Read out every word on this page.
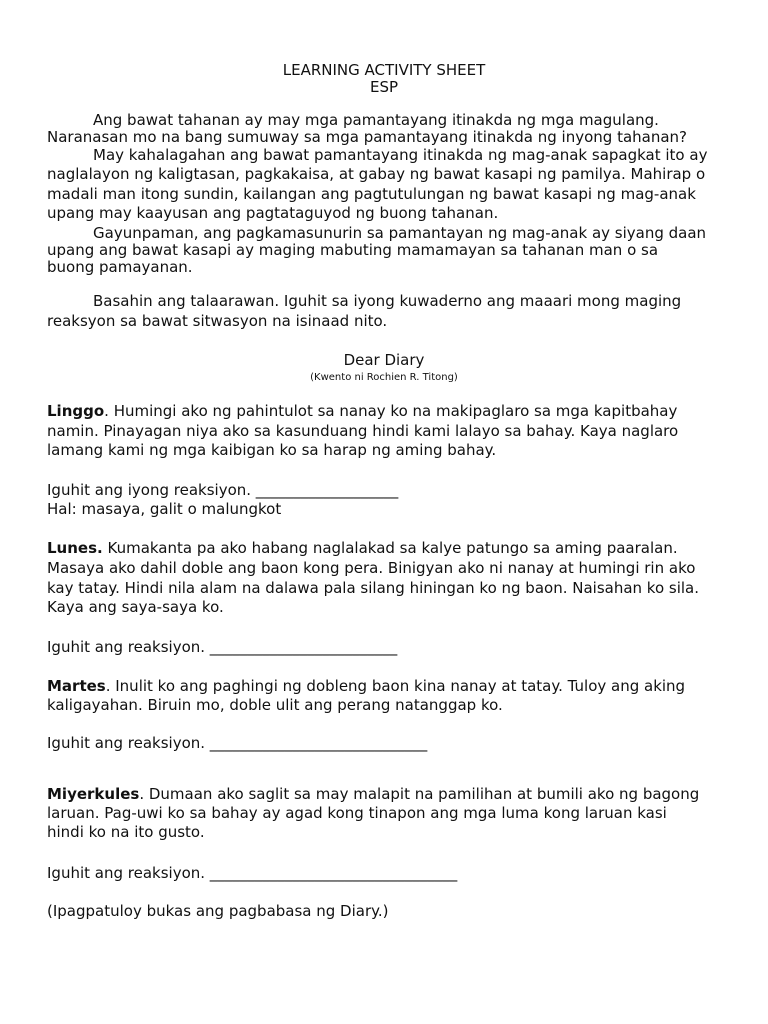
LEARNING ACTIVITY SHEET
ESP
Ang bawat tahanan ay may mga pamantayang itinakda ng mga magulang.
Naranasan mo na bang sumuway sa mga pamantayang itinakda ng inyong tahanan?
May kahalagahan ang bawat pamantayang itinakda ng mag-anak sapagkat ito ay
naglalayon ng kaligtasan, pagkakaisa, at gabay ng bawat kasapi ng pamilya. Mahirap o
madali man itong sundin, kailangan ang pagtutulungan ng bawat kasapi ng mag-anak
upang may kaayusan ang pagtataguyod ng buong tahanan.
Gayunpaman, ang pagkamasunurin sa pamantayan ng mag-anak ay siyang daan
upang ang bawat kasapi ay maging mabuting mamamayan sa tahanan man o sa
buong pamayanan.
Basahin ang talaarawan. Iguhit sa iyong kuwaderno ang maaari mong maging
reaksyon sa bawat sitwasyon na isinaad nito.
Dear Diary
(Kwento ni Rochien R. Titong)
Linggo. Humingi ako ng pahintulot sa nanay ko na makipaglaro sa mga kapitbahay
namin. Pinayagan niya ako sa kasunduang hindi kami lalayo sa bahay. Kaya naglaro
lamang kami ng mga kaibigan ko sa harap ng aming bahay.
Iguhit ang iyong reaksiyon. ___________________
Hal: masaya, galit o malungkot
Lunes. Kumakanta pa ako habang naglalakad sa kalye patungo sa aming paaralan.
Masaya ako dahil doble ang baon kong pera. Binigyan ako ni nanay at humingi rin ako
kay tatay. Hindi nila alam na dalawa pala silang hiningan ko ng baon. Naisahan ko sila.
Kaya ang saya-saya ko.
Iguhit ang reaksiyon. _________________________
Martes. Inulit ko ang paghingi ng dobleng baon kina nanay at tatay. Tuloy ang aking
kaligayahan. Biruin mo, doble ulit ang perang natanggap ko.
Iguhit ang reaksiyon. _____________________________
Miyerkules. Dumaan ako saglit sa may malapit na pamilihan at bumili ako ng bagong
laruan. Pag-uwi ko sa bahay ay agad kong tinapon ang mga luma kong laruan kasi
hindi ko na ito gusto.
Iguhit ang reaksiyon. _________________________________
(Ipagpatuloy bukas ang pagbabasa ng Diary.)
